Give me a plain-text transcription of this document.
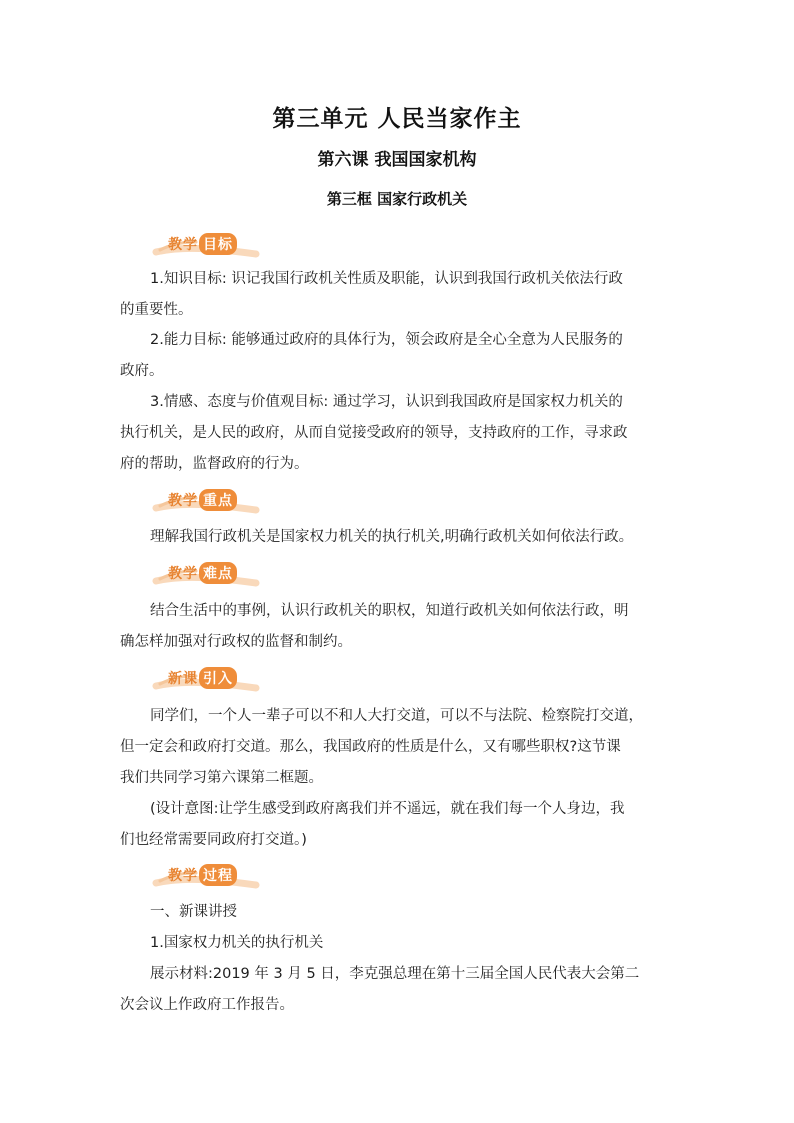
第三单元 人民当家作主
第六课 我国国家机构
第三框 国家行政机关
教学 目标

1.知识目标: 识记我国行政机关性质及职能，认识到我国行政机关依法行政
的重要性。

2.能力目标: 能够通过政府的具体行为，领会政府是全心全意为人民服务的
政府。

3.情感、态度与价值观目标: 通过学习，认识到我国政府是国家权力机关的
执行机关，是人民的政府，从而自觉接受政府的领导，支持政府的工作，寻求政
府的帮助，监督政府的行为。

教学 重点

理解我国行政机关是国家权力机关的执行机关,明确行政机关如何依法行政。

教学 难点

结合生活中的事例，认识行政机关的职权，知道行政机关如何依法行政，明
确怎样加强对行政权的监督和制约。

新课 引入

同学们，一个人一辈子可以不和人大打交道，可以不与法院、检察院打交道，
但一定会和政府打交道。那么，我国政府的性质是什么，又有哪些职权?这节课
我们共同学习第六课第二框题。

(设计意图:让学生感受到政府离我们并不遥远，就在我们每一个人身边，我
们也经常需要同政府打交道。)

教学 过程

一、新课讲授
1.国家权力机关的执行机关
展示材料:2019 年 3 月 5 日，李克强总理在第十三届全国人民代表大会第二
次会议上作政府工作报告。
